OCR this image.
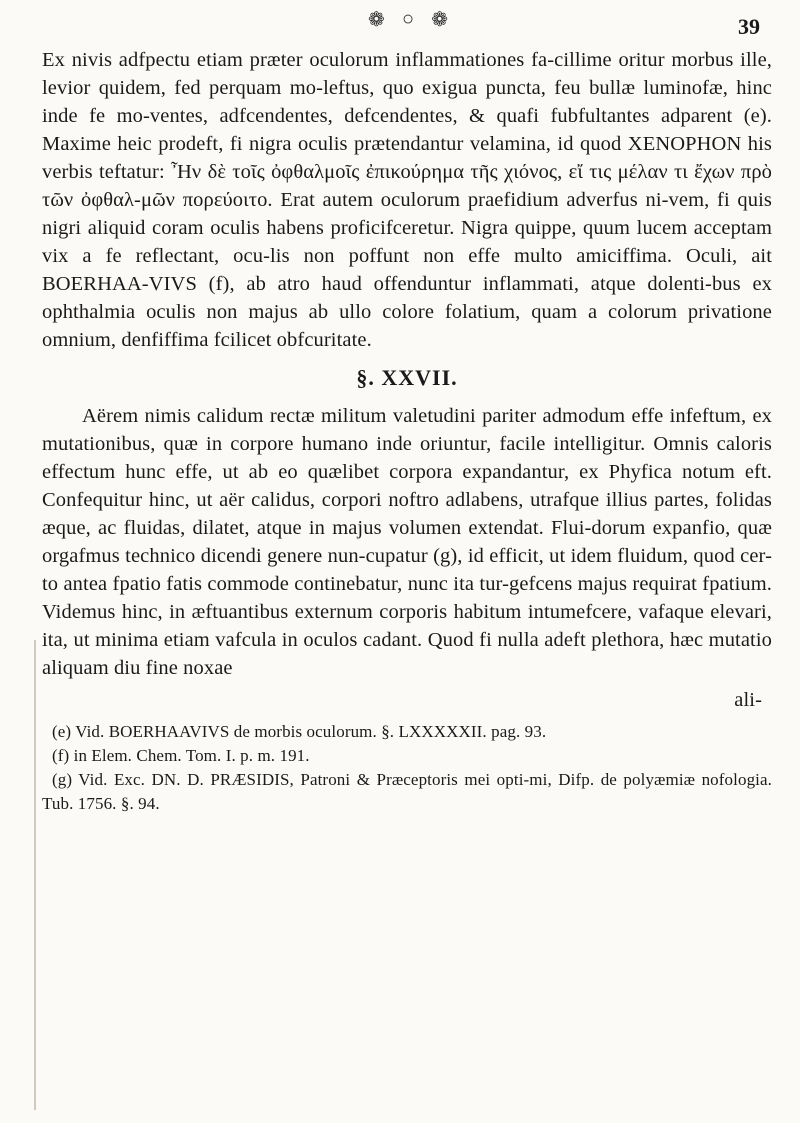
❁ ○ ❁	39

Ex nivis adfpectu etiam præter oculorum inflammationes fa-cillime oritur morbus ille, levior quidem, fed perquam mo-leftus, quo exigua puncta, feu bullæ luminofæ, hinc inde fe mo-ventes, adfcendentes, defcendentes, & quafi fubfultantes adparent (e). Maxime heic prodeft, fi nigra oculis prætendantur velamina, id quod XENOPHON his verbis teftatur: Ἦν δὲ τοῖς ὀφθαλμοῖς ἐπικούρημα τῆς χιόνος, εἴ τις μέλαν τι ἔχων πρὸ τῶν ὀφθαλ-μῶν πορεύοιτο. Erat autem oculorum praefidium adverfus ni-vem, fi quis nigri aliquid coram oculis habens proficifceretur. Nigra quippe, quum lucem acceptam vix a fe reflectant, ocu-lis non poffunt non effe multo amiciffima. Oculi, ait BOERHAA-VIVS (f), ab atro haud offenduntur inflammati, atque dolenti-bus ex ophthalmia oculis non majus ab ullo colore folatium, quam a colorum privatione omnium, denfiffima fcilicet obfcuritate.

§. XXVII.

Aërem nimis calidum rectæ militum valetudini pariter admodum effe infeftum, ex mutationibus, quæ in corpore humano inde oriuntur, facile intelligitur. Omnis caloris effectum hunc effe, ut ab eo quælibet corpora expandantur, ex Phyfica notum eft. Confequitur hinc, ut aër calidus, corpori noftro adlabens, utrafque illius partes, folidas æque, ac fluidas, dilatet, atque in majus volumen extendat. Flui-dorum expanfio, quæ orgafmus technico dicendi genere nun-cupatur (g), id efficit, ut idem fluidum, quod cer-to antea fpatio fatis commode continebatur, nunc ita tur-gefcens majus requirat fpatium. Videmus hinc, in æftuantibus externum corporis habitum intumefcere, vafaque elevari, ita, ut minima etiam vafcula in oculos cadant. Quod fi nulla adeft plethora, hæc mutatio aliquam diu fine noxae

ali-

(e) Vid. BOERHAAVIVS de morbis oculorum. §. LXXXXXII. pag. 93.

(f) in Elem. Chem. Tom. I. p. m. 191.

(g) Vid. Exc. DN. D. PRÆSIDIS, Patroni & Præceptoris mei opti-mi, Difp. de polyæmiæ nofologia. Tub. 1756. §. 94.
